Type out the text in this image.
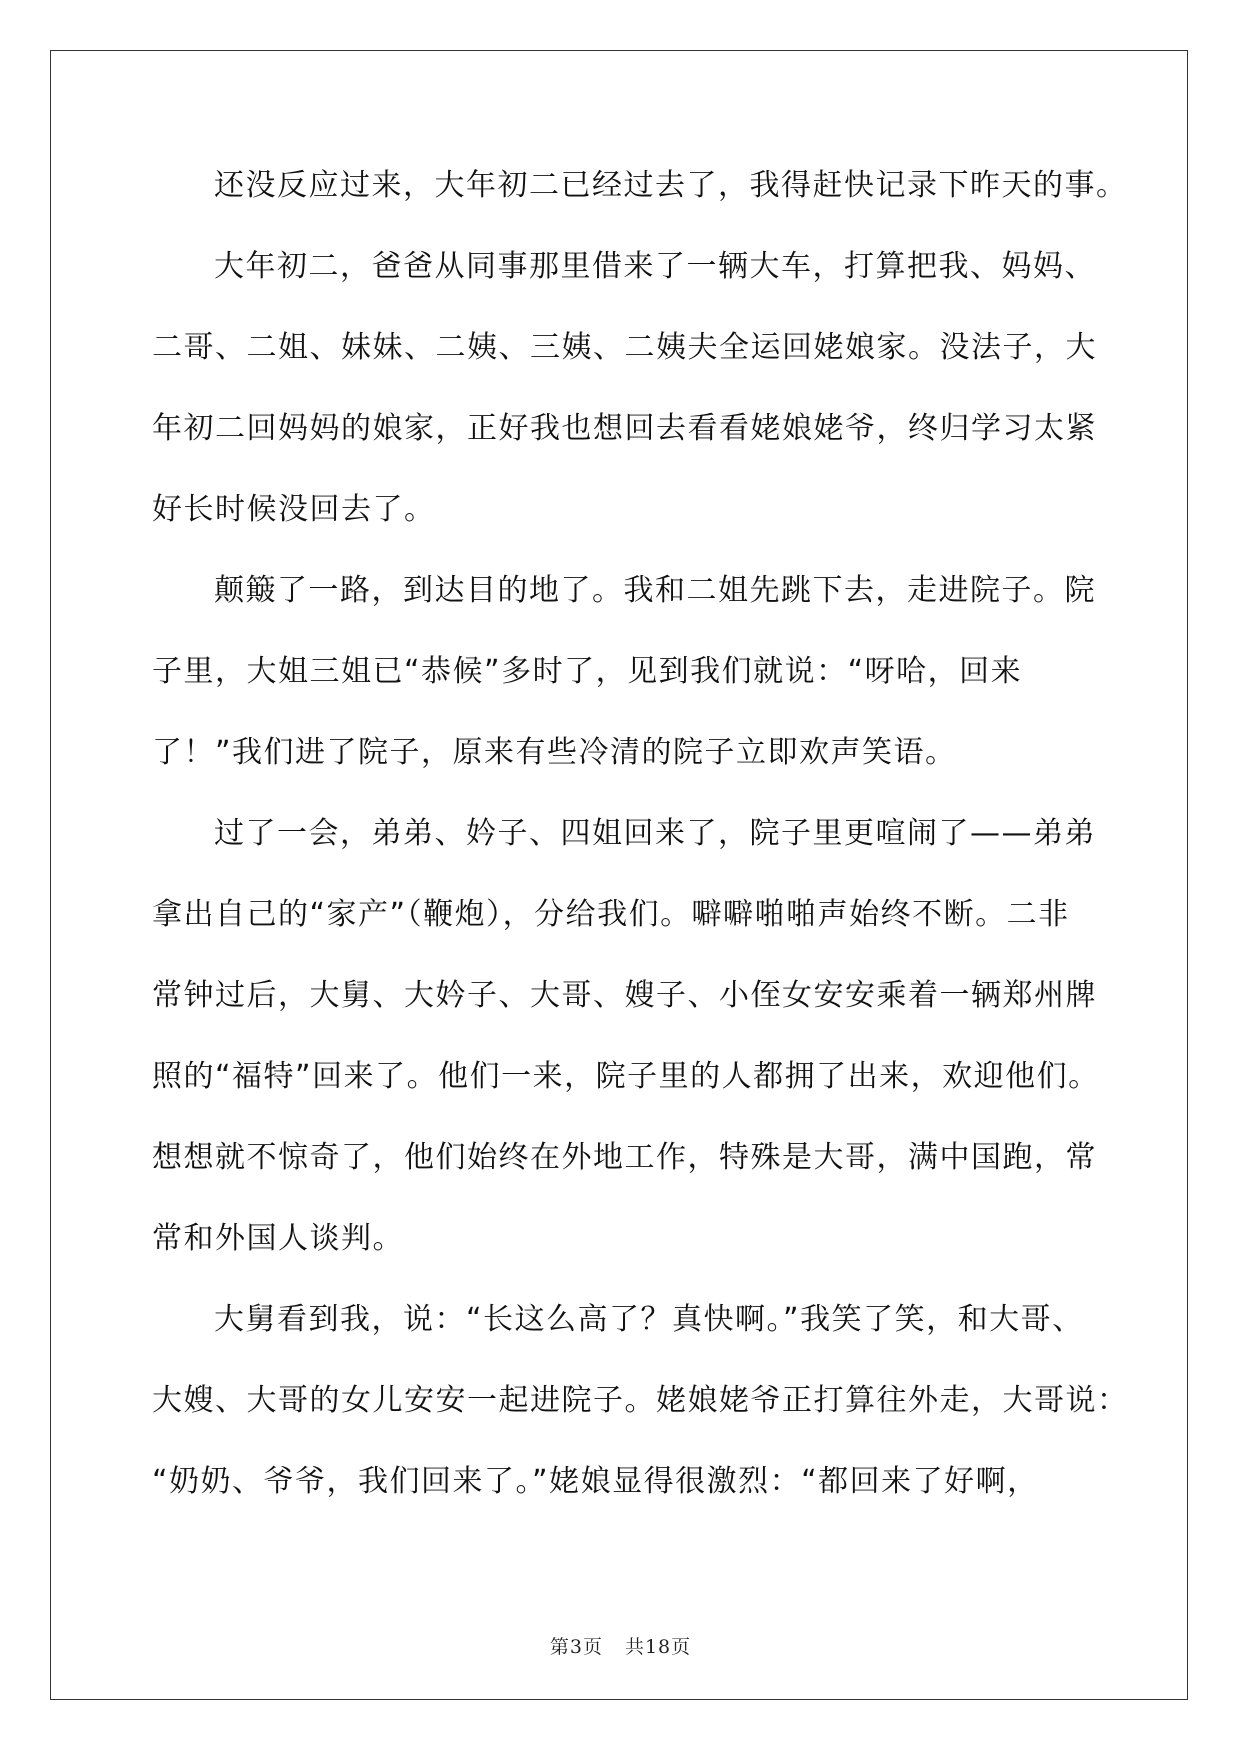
还没反应过来，大年初二已经过去了，我得赶快记录下昨天的事。
大年初二，爸爸从同事那里借来了一辆大车，打算把我、妈妈、
二哥、二姐、妹妹、二姨、三姨、二姨夫全运回姥娘家。没法子，大
年初二回妈妈的娘家，正好我也想回去看看姥娘姥爷，终归学习太紧
好长时候没回去了。
颠簸了一路，到达目的地了。我和二姐先跳下去，走进院子。院
子里，大姐三姐已“恭候”多时了，见到我们就说：“呀哈，回来
了！”我们进了院子，原来有些冷清的院子立即欢声笑语。
过了一会，弟弟、妗子、四姐回来了，院子里更喧闹了——弟弟
拿出自己的“家产”（鞭炮），分给我们。噼噼啪啪声始终不断。二非
常钟过后，大舅、大妗子、大哥、嫂子、小侄女安安乘着一辆郑州牌
照的“福特”回来了。他们一来，院子里的人都拥了出来，欢迎他们。
想想就不惊奇了，他们始终在外地工作，特殊是大哥，满中国跑，常
常和外国人谈判。
大舅看到我，说：“长这么高了？真快啊。”我笑了笑，和大哥、
大嫂、大哥的女儿安安一起进院子。姥娘姥爷正打算往外走，大哥说：
“奶奶、爷爷，我们回来了。”姥娘显得很激烈：“都回来了好啊，
第3页 共18页
